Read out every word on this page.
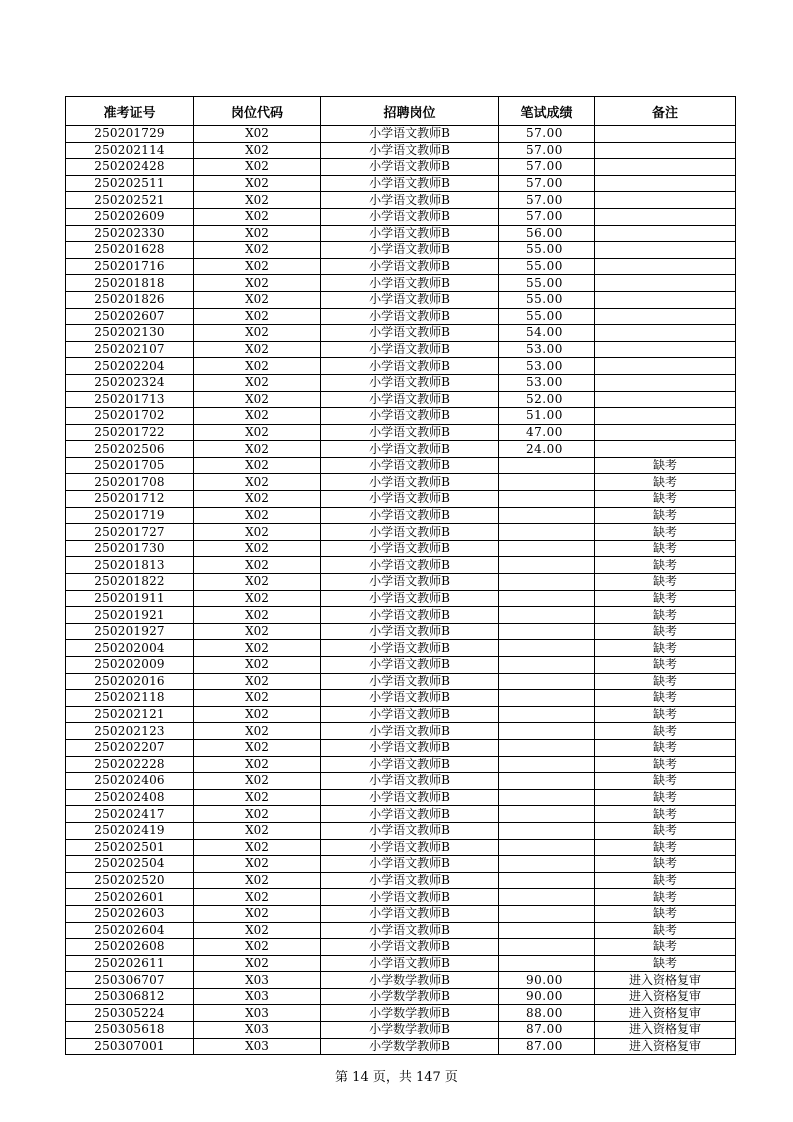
准考证号	岗位代码	招聘岗位	笔试成绩	备注
250201729	X02	小学语文教师B	57.00	
250202114	X02	小学语文教师B	57.00	
250202428	X02	小学语文教师B	57.00	
250202511	X02	小学语文教师B	57.00	
250202521	X02	小学语文教师B	57.00	
250202609	X02	小学语文教师B	57.00	
250202330	X02	小学语文教师B	56.00	
250201628	X02	小学语文教师B	55.00	
250201716	X02	小学语文教师B	55.00	
250201818	X02	小学语文教师B	55.00	
250201826	X02	小学语文教师B	55.00	
250202607	X02	小学语文教师B	55.00	
250202130	X02	小学语文教师B	54.00	
250202107	X02	小学语文教师B	53.00	
250202204	X02	小学语文教师B	53.00	
250202324	X02	小学语文教师B	53.00	
250201713	X02	小学语文教师B	52.00	
250201702	X02	小学语文教师B	51.00	
250201722	X02	小学语文教师B	47.00	
250202506	X02	小学语文教师B	24.00	
250201705	X02	小学语文教师B		缺考
250201708	X02	小学语文教师B		缺考
250201712	X02	小学语文教师B		缺考
250201719	X02	小学语文教师B		缺考
250201727	X02	小学语文教师B		缺考
250201730	X02	小学语文教师B		缺考
250201813	X02	小学语文教师B		缺考
250201822	X02	小学语文教师B		缺考
250201911	X02	小学语文教师B		缺考
250201921	X02	小学语文教师B		缺考
250201927	X02	小学语文教师B		缺考
250202004	X02	小学语文教师B		缺考
250202009	X02	小学语文教师B		缺考
250202016	X02	小学语文教师B		缺考
250202118	X02	小学语文教师B		缺考
250202121	X02	小学语文教师B		缺考
250202123	X02	小学语文教师B		缺考
250202207	X02	小学语文教师B		缺考
250202228	X02	小学语文教师B		缺考
250202406	X02	小学语文教师B		缺考
250202408	X02	小学语文教师B		缺考
250202417	X02	小学语文教师B		缺考
250202419	X02	小学语文教师B		缺考
250202501	X02	小学语文教师B		缺考
250202504	X02	小学语文教师B		缺考
250202520	X02	小学语文教师B		缺考
250202601	X02	小学语文教师B		缺考
250202603	X02	小学语文教师B		缺考
250202604	X02	小学语文教师B		缺考
250202608	X02	小学语文教师B		缺考
250202611	X02	小学语文教师B		缺考
250306707	X03	小学数学教师B	90.00	进入资格复审
250306812	X03	小学数学教师B	90.00	进入资格复审
250305224	X03	小学数学教师B	88.00	进入资格复审
250305618	X03	小学数学教师B	87.00	进入资格复审
250307001	X03	小学数学教师B	87.00	进入资格复审
第 14 页，共 147 页
